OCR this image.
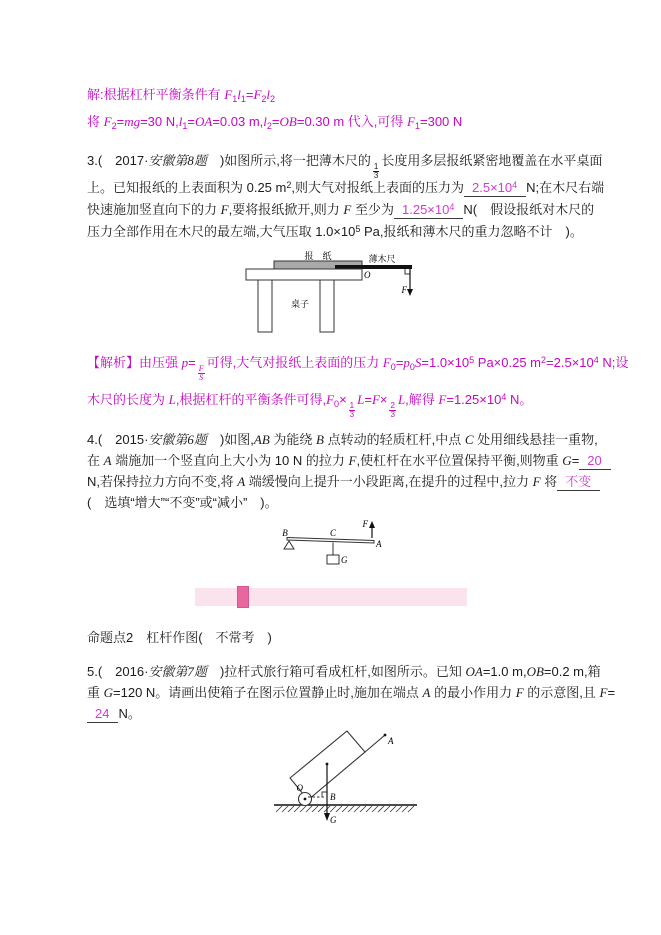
解:根据杠杆平衡条件有 $F_1l_1=F_2l_2$
将 $F_2=mg=30$ $N,l_1=OA=0.03$ $m,l_2=OB=0.30$ m 代入,可得 $F_1=300$ N
3.(　2017·安徽第8题　)如图所示,将一把薄木尺的
$\frac{1}{3}$
长度用多层报纸紧密地覆盖在水平桌面
上。已知报纸的上表面积为 0.25 $m^2$,则大气对报纸上表面的压力为 $2.5\times 10^4$ N;在木尺右端
快速施加竖直向下的力 F,要将报纸掀开,则力 F 至少为 $1.25\times 10^4$ N(　假设报纸对木尺的
压力全部作用在木尺的最左端,大气压取 $1.0\times 10^5$ Pa,报纸和薄木尺的重力忽略不计　)。
报　纸	薄木尺
O
桌子
F
【解析】由压强 p=
$\frac{F}{S}$
可得,大气对报纸上表面的压力 $F_0=p_0S=1.0\times 10^5$ Pa×0.25 $m^2=2.5\times 10^4$ N;设
木尺的长度为 L,根据杠杆的平衡条件可得$,F_0\times$
$\frac{1}{3}$
L=F×
$\frac{2}{3}$
L,解得 $F=1.25\times 10^4$ N。
4.(　2015·安徽第6题　)如图,AB 为能绕 B 点转动的轻质杠杆,中点 C 处用细线悬挂一重物,
在 A 端施加一个竖直向上大小为 10 N 的拉力 F,使杠杆在水平位置保持平衡,则物重 G= 20
N,若保持拉力方向不变,将 A 端缓慢向上提升一小段距离,在提升的过程中,拉力 F 将 不变
(　选填“增大”“不变”或“减小”　)。
B	C
G
F
A
命题点2　杠杆作图(　不常考　)
5.(　2016·安徽第7题　)拉杆式旅行箱可看成杠杆,如图所示。已知 OA=1.0 m,OB=0.2 m,箱
重 G=120 N。请画出使箱子在图示位置静止时,施加在端点 A 的最小作用力 F 的示意图,且 F=
24 N。
O
A
B
G
